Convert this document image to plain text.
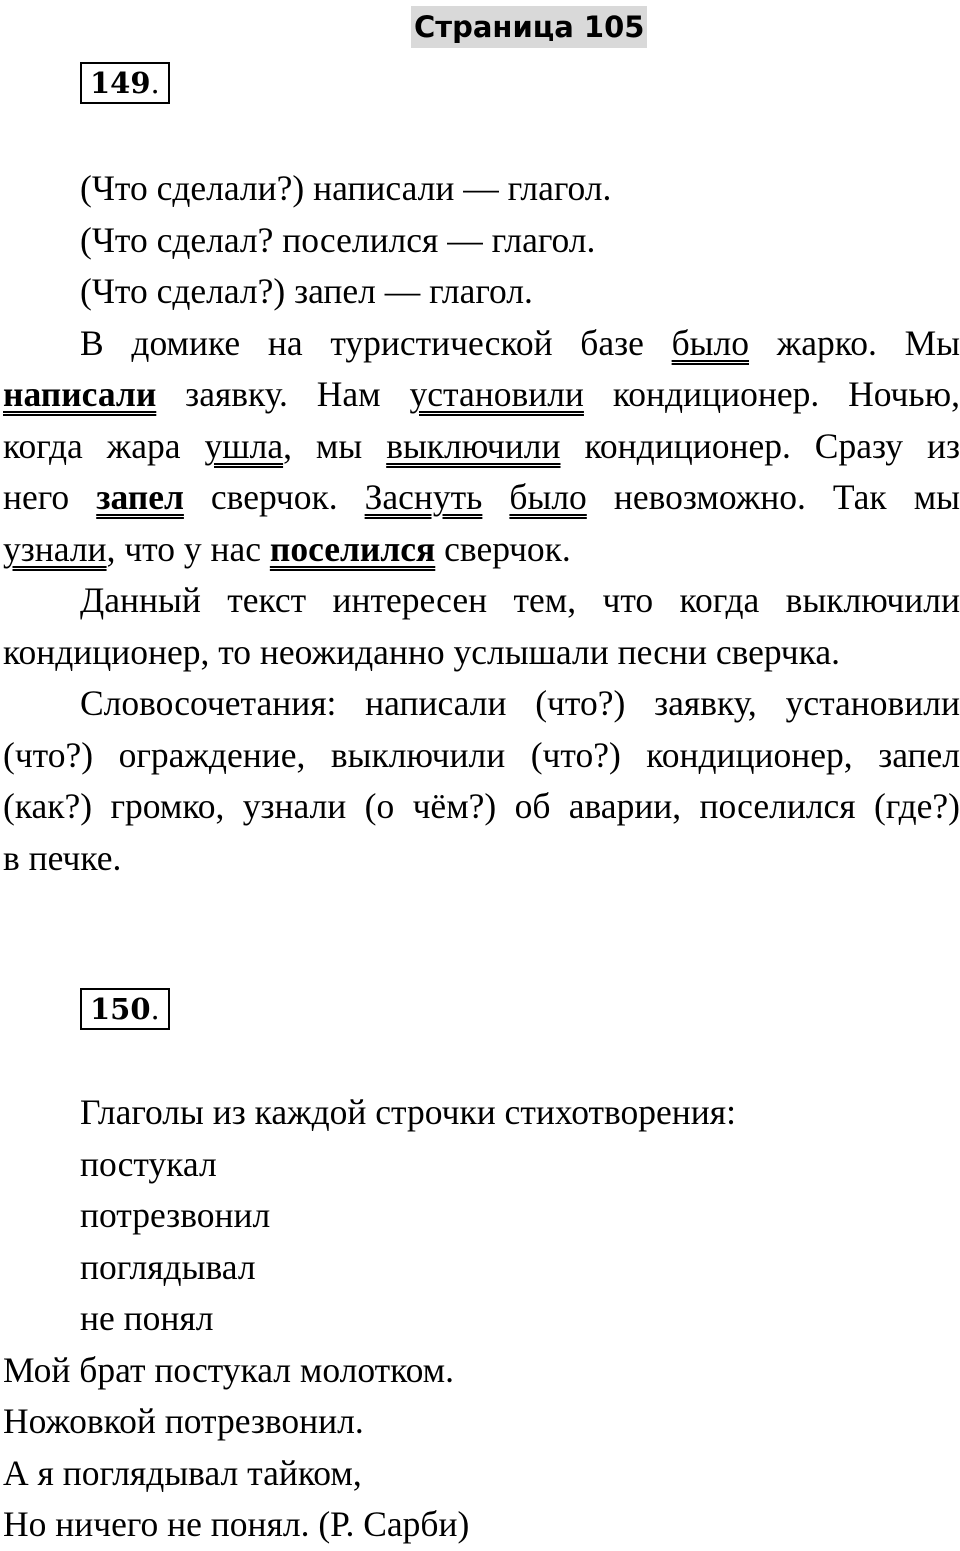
Страница 105
149.
(Что сделали?) написали — глагол.
(Что сделал? поселился — глагол.
(Что сделал?) запел — глагол.
В домике на туристической базе было жарко. Мы
написали заявку. Нам установили кондиционер. Ночью,
когда жара ушла, мы выключили кондиционер. Сразу из
него запел сверчок. Заснуть было невозможно. Так мы
узнали, что у нас поселился сверчок.
Данный текст интересен тем, что когда выключили
кондиционер, то неожиданно услышали песни сверчка.
Словосочетания: написали (что?) заявку, установили
(что?) ограждение, выключили (что?) кондиционер, запел
(как?) громко, узнали (о чём?) об аварии, поселился (где?)
в печке.
150.
Глаголы из каждой строчки стихотворения:
постукал
потрезвонил
поглядывал
не понял
Мой брат постукал молотком.
Ножовкой потрезвонил.
А я поглядывал тайком,
Но ничего не понял. (Р. Сарби)
